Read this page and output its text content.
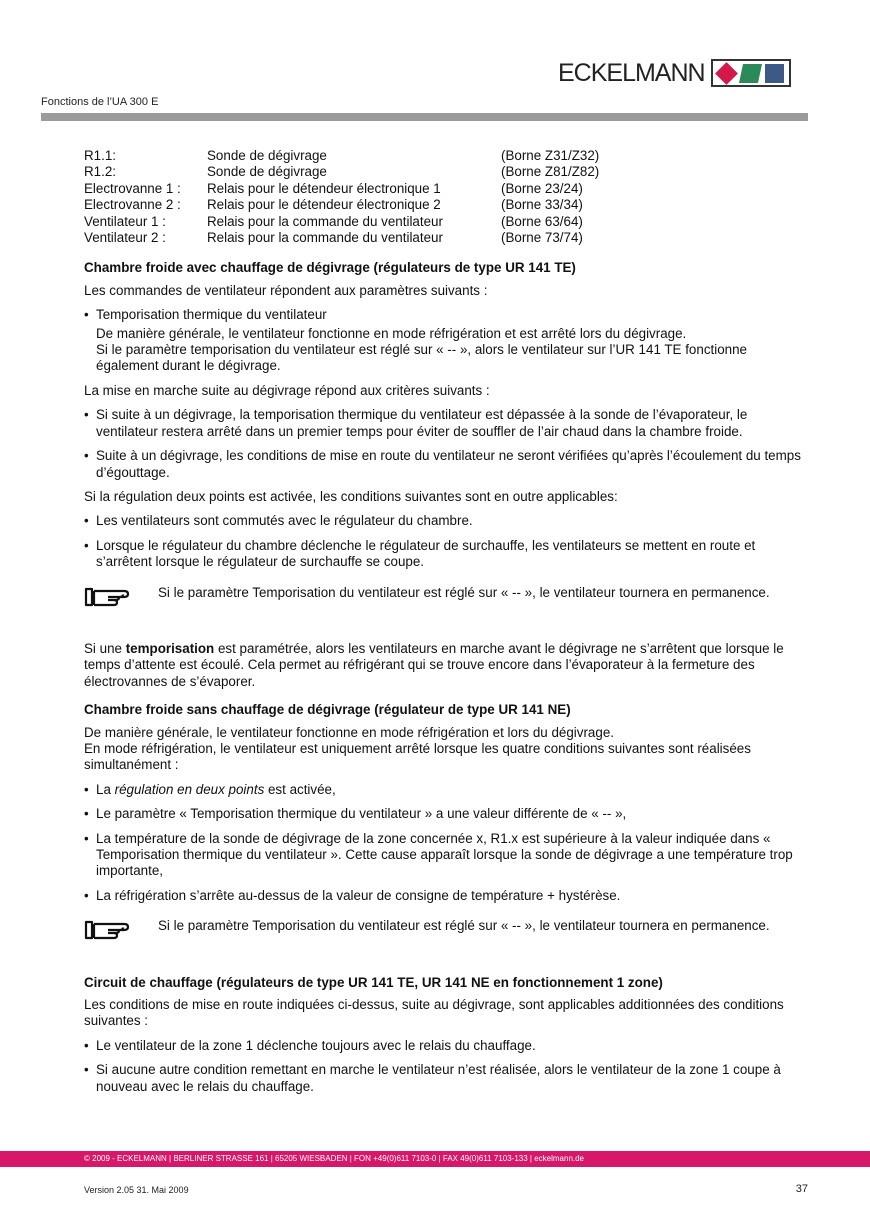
Fonctions de l’UA 300 E
ECKELMANN
R1.1:	Sonde de dégivrage	(Borne Z31/Z32)
R1.2:	Sonde de dégivrage	(Borne Z81/Z82)
Electrovanne 1 :	Relais pour le détendeur électronique 1	(Borne 23/24)
Electrovanne 2 :	Relais pour le détendeur électronique 2	(Borne 33/34)
Ventilateur 1 :	Relais pour la commande du ventilateur	(Borne 63/64)
Ventilateur 2 :	Relais pour la commande du ventilateur	(Borne 73/74)
Chambre froide avec chauffage de dégivrage (régulateurs de type UR 141 TE)

Les commandes de ventilateur répondent aux paramètres suivants :

• Temporisation thermique du ventilateur
De manière générale, le ventilateur fonctionne en mode réfrigération et est arrêté lors du dégivrage.
Si le paramètre temporisation du ventilateur est réglé sur « -- », alors le ventilateur sur l’UR 141 TE fonctionne également durant le dégivrage.

La mise en marche suite au dégivrage répond aux critères suivants :

• Si suite à un dégivrage, la temporisation thermique du ventilateur est dépassée à la sonde de l’évaporateur, le ventilateur restera arrêté dans un premier temps pour éviter de souffler de l’air chaud dans la chambre froide.
• Suite à un dégivrage, les conditions de mise en route du ventilateur ne seront vérifiées qu’après l’écoulement du temps d’égouttage.

Si la régulation deux points est activée, les conditions suivantes sont en outre applicables:

• Les ventilateurs sont commutés avec le régulateur du chambre.
• Lorsque le régulateur du chambre déclenche le régulateur de surchauffe, les ventilateurs se mettent en route et s’arrêtent lorsque le régulateur de surchauffe se coupe.
Si le paramètre Temporisation du ventilateur est réglé sur « -- », le ventilateur tournera en permanence.

Si une temporisation est paramétrée, alors les ventilateurs en marche avant le dégivrage ne s’arrêtent que lorsque le temps d’attente est écoulé. Cela permet au réfrigérant qui se trouve encore dans l’évaporateur à la fermeture des électrovannes de s’évaporer.

Chambre froide sans chauffage de dégivrage (régulateur de type UR 141 NE)

De manière générale, le ventilateur fonctionne en mode réfrigération et lors du dégivrage.

En mode réfrigération, le ventilateur est uniquement arrêté lorsque les quatre conditions suivantes sont réalisées simultanément :

• La régulation en deux points est activée,
• Le paramètre « Temporisation thermique du ventilateur » a une valeur différente de « -- »,
• La température de la sonde de dégivrage de la zone concernée x, R1.x est supérieure à la valeur indiquée dans « Temporisation thermique du ventilateur ». Cette cause apparaît lorsque la sonde de dégivrage a une température trop importante,
• La réfrigération s’arrête au-dessus de la valeur de consigne de température + hystérèse.
Si le paramètre Temporisation du ventilateur est réglé sur « -- », le ventilateur tournera en permanence.
Circuit de chauffage (régulateurs de type UR 141 TE, UR 141 NE en fonctionnement 1 zone)

Les conditions de mise en route indiquées ci-dessus, suite au dégivrage, sont applicables additionnées des conditions suivantes :

• Le ventilateur de la zone 1 déclenche toujours avec le relais du chauffage.
• Si aucune autre condition remettant en marche le ventilateur n’est réalisée, alors le ventilateur de la zone 1 coupe à nouveau avec le relais du chauffage.
© 2009 - ECKELMANN | BERLINER STRASSE 161 | 65205 WIESBADEN | FON +49(0)611 7103-0 | FAX 49(0)611 7103-133 | eckelmann.de
Version 2.05 31. Mai 2009	37
